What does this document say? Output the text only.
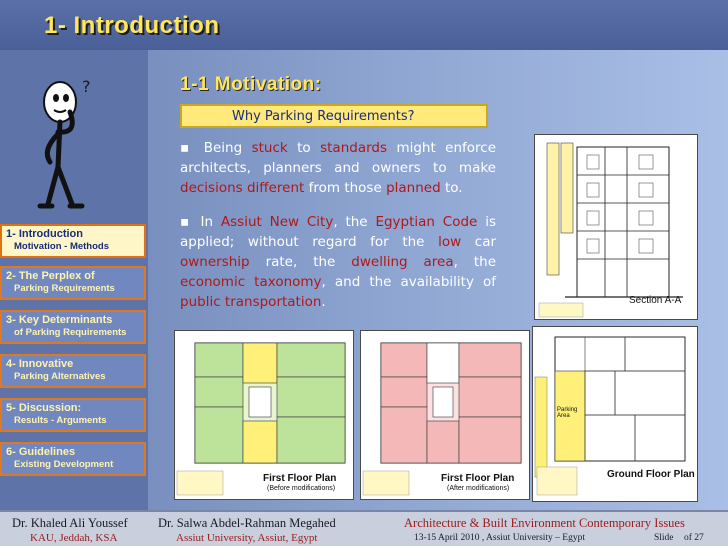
1- Introduction
?
1- Introduction
Motivation - Methods
2- The Perplex of
Parking Requirements
3- Key Determinants
of Parking Requirements
4- Innovative
Parking Alternatives
5- Discussion:
Results - Arguments
6- Guidelines
Existing Development
1-1 Motivation:
Why Parking Requirements?
▪ Being stuck to standards might enforce architects, planners and owners to make decisions different from those planned to.
▪ In Assiut New City, the Egyptian Code is applied; without regard for the low car ownership rate, the dwelling area, the economic taxonomy, and the availability of public transportation.	Section A-A
First Floor Plan
(Before modifications)
First Floor Plan
(After modifications)
Parking Area
Ground Floor Plan
Dr. Khaled Ali Youssef
KAU, Jeddah, KSA
Dr. Salwa Abdel-Rahman Megahed
Assiut University, Assiut, Egypt
Architecture & Built Environment Contemporary Issues
13-15 April 2010 , Assiut University – Egypt	Slide of 27
